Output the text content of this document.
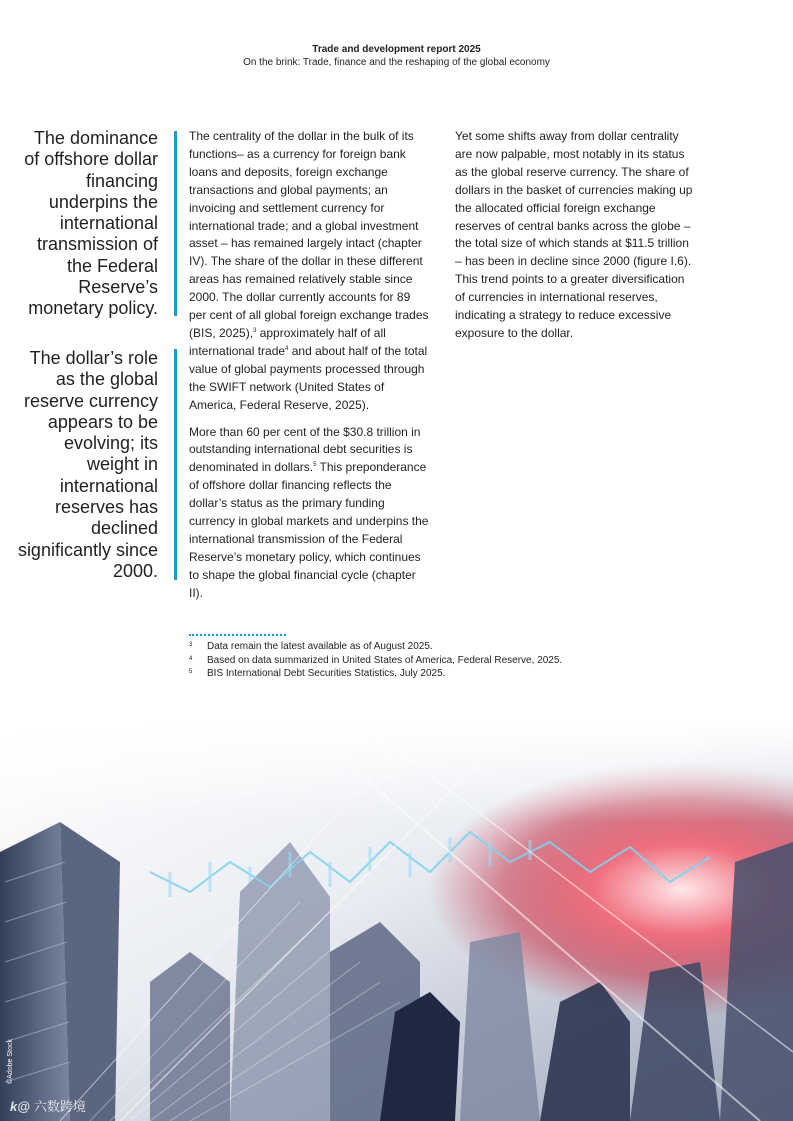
Trade and development report 2025
On the brink: Trade, finance and the reshaping of the global economy
The dominance of offshore dollar financing underpins the international transmission of the Federal Reserve’s monetary policy.
The dollar’s role as the global reserve currency appears to be evolving; its weight in international reserves has declined significantly since 2000.

The centrality of the dollar in the bulk of its functions– as a currency for foreign bank loans and deposits, foreign exchange transactions and global payments; an invoicing and settlement currency for international trade; and a global investment asset – has remained largely intact (chapter IV). The share of the dollar in these different areas has remained relatively stable since 2000. The dollar currently accounts for 89 per cent of all global foreign exchange trades (BIS, 2025),$^3$ approximately half of all international trade$^4$ and about half of the total value of global payments processed through the SWIFT network (United States of America, Federal Reserve, 2025).

More than 60 per cent of the $30.8 trillion in outstanding international debt securities is denominated in dollars.$^5$ This preponderance of offshore dollar financing reflects the dollar’s status as the primary funding currency in global markets and underpins the international transmission of the Federal Reserve’s monetary policy, which continues to shape the global financial cycle (chapter II).

Yet some shifts away from dollar centrality are now palpable, most notably in its status as the global reserve currency. The share of dollars in the basket of currencies making up the allocated official foreign exchange reserves of central banks across the globe – the total size of which stands at $11.5 trillion – has been in decline since 2000 (figure I.6). This trend points to a greater diversification of currencies in international reserves, indicating a strategy to reduce excessive exposure to the dollar.

3	Data remain the latest available as of August 2025.
4	Based on data summarized in United States of America, Federal Reserve, 2025.
5	BIS International Debt Securities Statistics, July 2025.
©Adobe Stock
k@ 六数跨境
